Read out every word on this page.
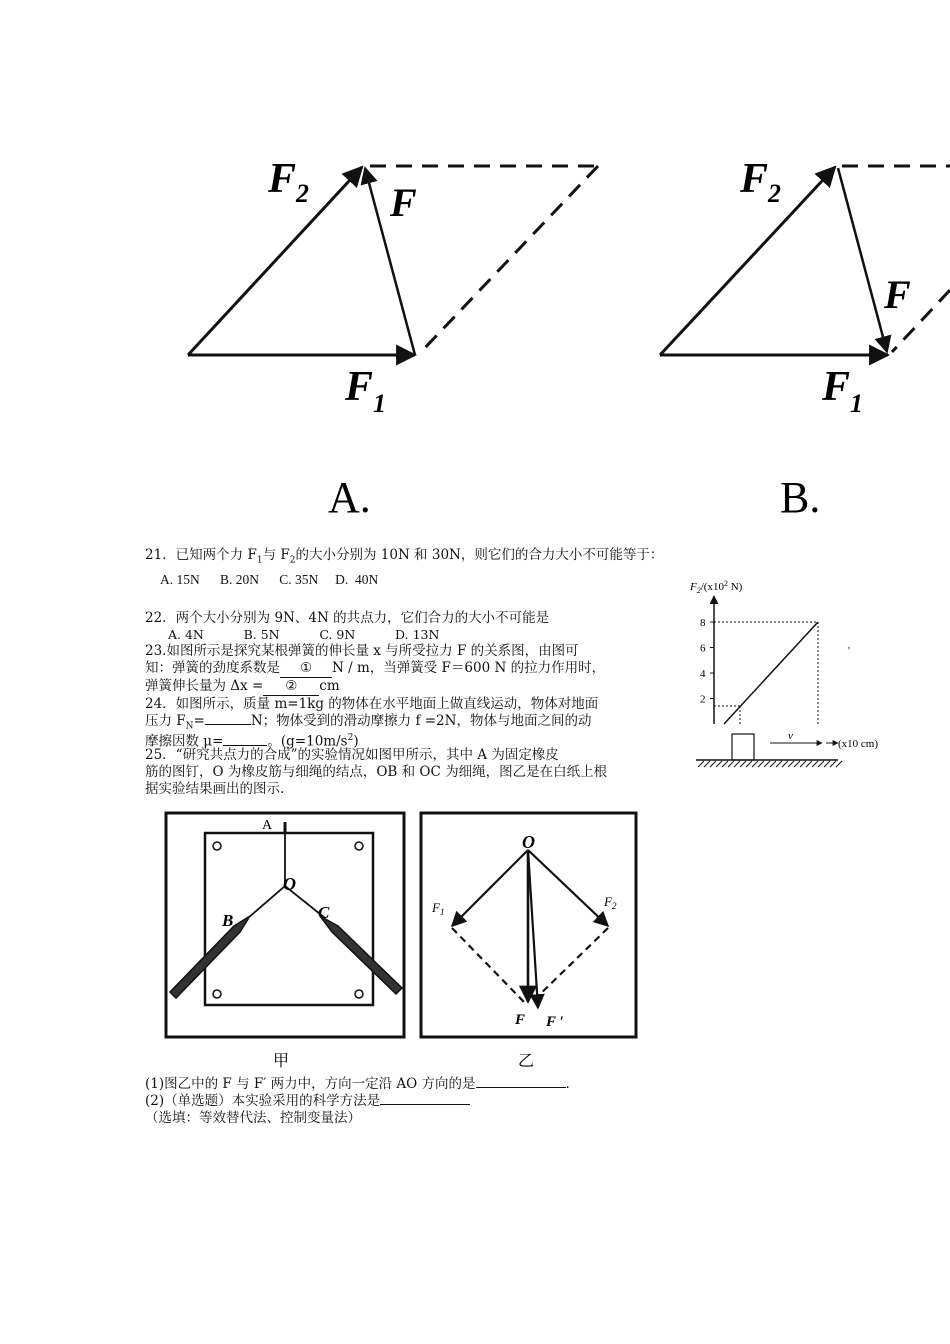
$F_2$ F
$F_1$
A.
$F_2$
F
$F_1$
B.
21．已知两个力 $F_1$与 $F_2$的大小分别为 10N 和 30N，则它们的合力大小不可能等于：
A. 15N      B. 20N      C. 35N     D.  40N
22．两个大小分别为 9N、4N 的共点力，它们合力的大小不可能是
A. 4N          B. 5N          C. 9N          D. 13N
23.如图所示是探究某根弹簧的伸长量 x 与所受拉力 F 的关系图，由图可
知：弹簧的劲度系数是 ① N / m，当弹簧受 F＝600 N 的拉力作用时，
弹簧伸长量为 Δx = ② cm
24．如图所示，质量 m=1kg 的物体在水平地面上做直线运动，物体对地面
压力 $F_N=$	N；物体受到的滑动摩擦力 f =2N，物体与地面之间的动
摩擦因数 μ=	。$(g=10m/s^2)$
25．“研究共点力的合成”的实验情况如图甲所示，其中 A 为固定橡皮
筋的图钉，O 为橡皮筋与细绳的结点，OB 和 OC 为细绳，图乙是在白纸上根
据实验结果画出的图示.
$F_2/(x10^2$ N)
8
6
4
2
v
(x10 cm)
'
A
O
B	C
甲
O
$F_1$
$F_2$
F F ′
乙
(1)图乙中的 F 与 F′ 两力中，方向一定沿 AO 方向的是	.
(2)（单选题）本实验采用的科学方法是
（选填：等效替代法、控制变量法）
